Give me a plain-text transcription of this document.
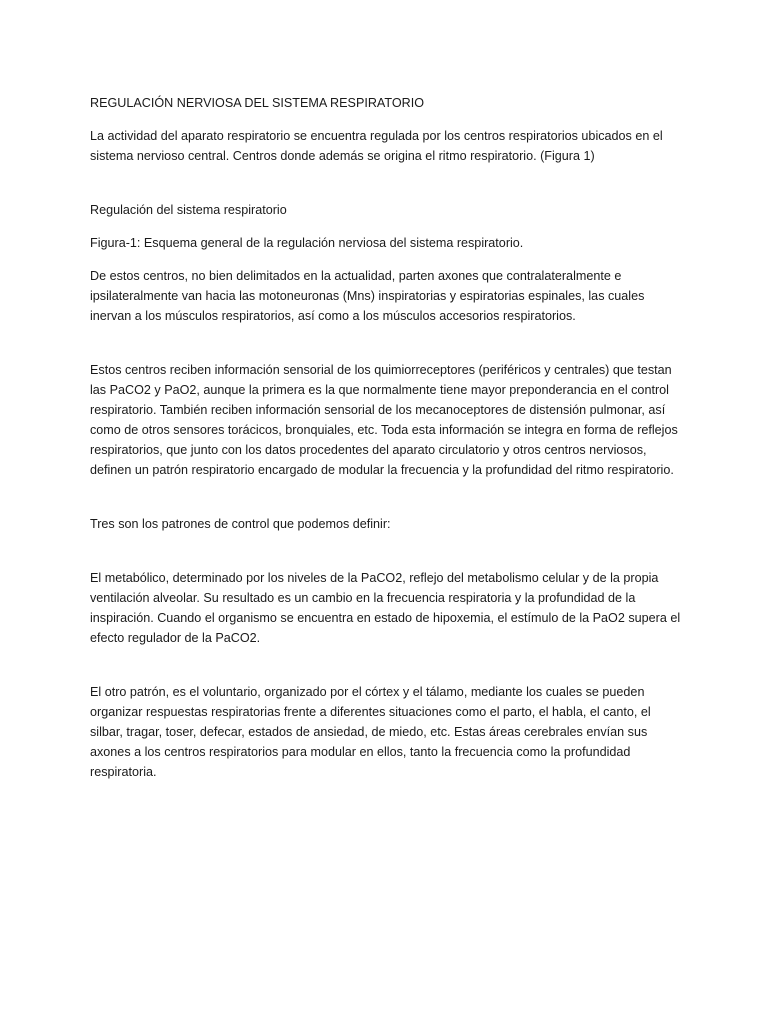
REGULACIÓN NERVIOSA DEL SISTEMA RESPIRATORIO

La actividad del aparato respiratorio se encuentra regulada por los centros respiratorios ubicados en el sistema nervioso central. Centros donde además se origina el ritmo respiratorio. (Figura 1)

Regulación del sistema respiratorio

Figura-1: Esquema general de la regulación nerviosa del sistema respiratorio.

De estos centros, no bien delimitados en la actualidad, parten axones que contralateralmente e ipsilateralmente van hacia las motoneuronas (Mns) inspiratorias y espiratorias espinales, las cuales inervan a los músculos respiratorios, así como a los músculos accesorios respiratorios.

Estos centros reciben información sensorial de los quimiorreceptores (periféricos y centrales) que testan las PaCO2 y PaO2, aunque la primera es la que normalmente tiene mayor preponderancia en el control respiratorio. También reciben información sensorial de los mecanoceptores de distensión pulmonar, así como de otros sensores torácicos, bronquiales, etc. Toda esta información se integra en forma de reflejos respiratorios, que junto con los datos procedentes del aparato circulatorio y otros centros nerviosos, definen un patrón respiratorio encargado de modular la frecuencia y la profundidad del ritmo respiratorio.

Tres son los patrones de control que podemos definir:

El metabólico, determinado por los niveles de la PaCO2, reflejo del metabolismo celular y de la propia ventilación alveolar. Su resultado es un cambio en la frecuencia respiratoria y la profundidad de la inspiración. Cuando el organismo se encuentra en estado de hipoxemia, el estímulo de la PaO2 supera el efecto regulador de la PaCO2.

El otro patrón, es el voluntario, organizado por el córtex y el tálamo, mediante los cuales se pueden organizar respuestas respiratorias frente a diferentes situaciones como el parto, el habla, el canto, el silbar, tragar, toser, defecar, estados de ansiedad, de miedo, etc. Estas áreas cerebrales envían sus axones a los centros respiratorios para modular en ellos, tanto la frecuencia como la profundidad respiratoria.
